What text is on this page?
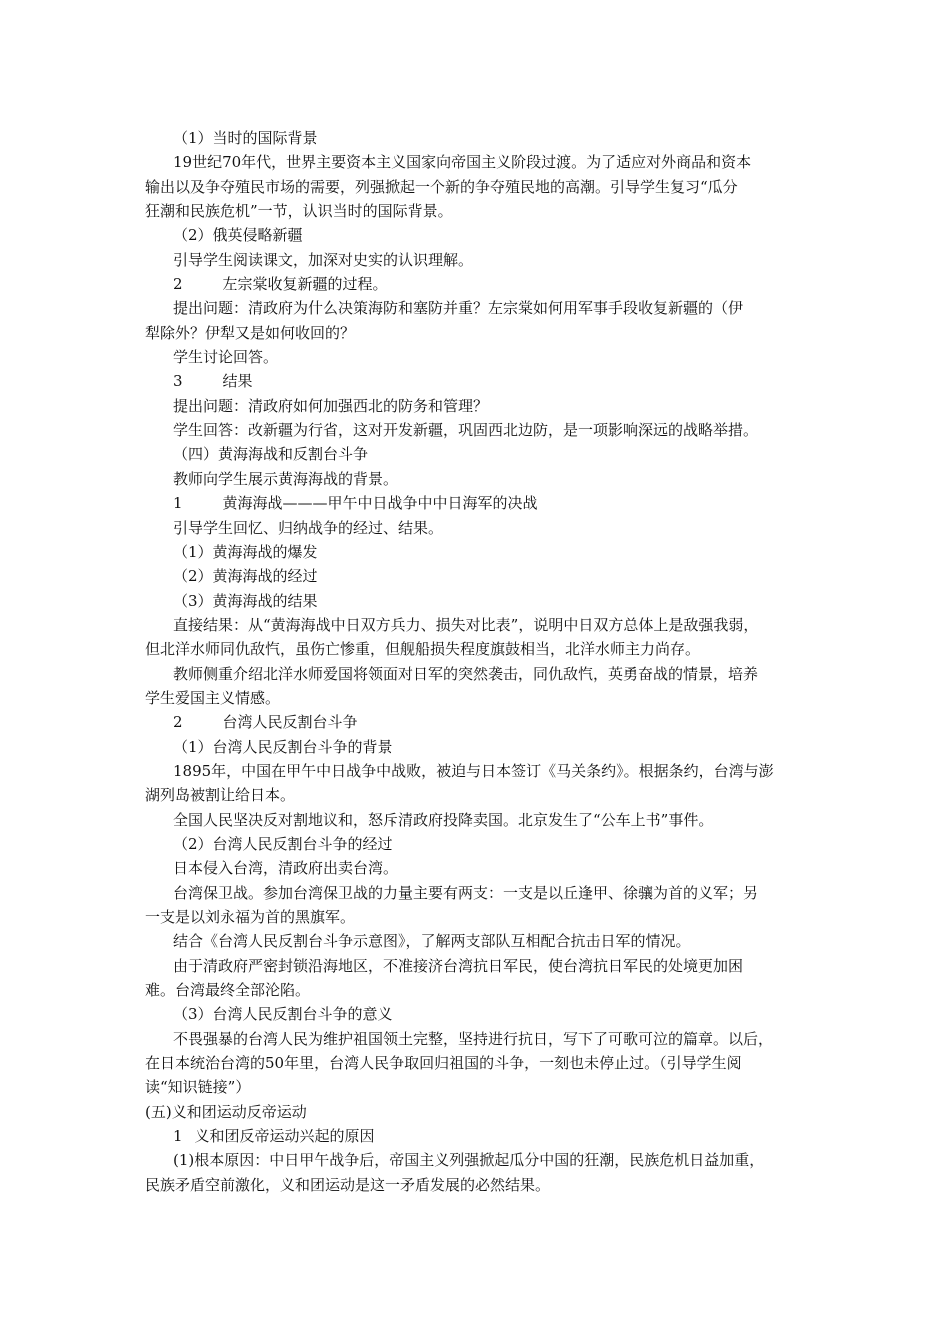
（1）当时的国际背景
19世纪70年代，世界主要资本主义国家向帝国主义阶段过渡。为了适应对外商品和资本
输出以及争夺殖民市场的需要，列强掀起一个新的争夺殖民地的高潮。引导学生复习“瓜分
狂潮和民族危机”一节，认识当时的国际背景。
（2）俄英侵略新疆
引导学生阅读课文，加深对史实的认识理解。
2	左宗棠收复新疆的过程。
提出问题：清政府为什么决策海防和塞防并重？左宗棠如何用军事手段收复新疆的（伊
犁除外？伊犁又是如何收回的？
学生讨论回答。
3	结果
提出问题：清政府如何加强西北的防务和管理？
学生回答：改新疆为行省，这对开发新疆，巩固西北边防，是一项影响深远的战略举措。
（四）黄海海战和反割台斗争
教师向学生展示黄海海战的背景。
1	黄海海战———甲午中日战争中中日海军的决战
引导学生回忆、归纳战争的经过、结果。
（1）黄海海战的爆发
（2）黄海海战的经过
（3）黄海海战的结果
直接结果：从“黄海海战中日双方兵力、损失对比表”，说明中日双方总体上是敌强我弱，
但北洋水师同仇敌忾，虽伤亡惨重，但舰船损失程度旗鼓相当，北洋水师主力尚存。
教师侧重介绍北洋水师爱国将领面对日军的突然袭击，同仇敌忾，英勇奋战的情景，培养
学生爱国主义情感。
2	台湾人民反割台斗争
（1）台湾人民反割台斗争的背景
1895年，中国在甲午中日战争中战败，被迫与日本签订《马关条约》。根据条约，台湾与澎
湖列岛被割让给日本。
全国人民坚决反对割地议和，怒斥清政府投降卖国。北京发生了“公车上书”事件。
（2）台湾人民反割台斗争的经过
日本侵入台湾，清政府出卖台湾。
台湾保卫战。参加台湾保卫战的力量主要有两支：一支是以丘逢甲、徐骧为首的义军；另
一支是以刘永福为首的黑旗军。
结合《台湾人民反割台斗争示意图》，了解两支部队互相配合抗击日军的情况。
由于清政府严密封锁沿海地区，不准接济台湾抗日军民，使台湾抗日军民的处境更加困
难。台湾最终全部沦陷。
（3）台湾人民反割台斗争的意义
不畏强暴的台湾人民为维护祖国领土完整，坚持进行抗日，写下了可歌可泣的篇章。以后，
在日本统治台湾的50年里，台湾人民争取回归祖国的斗争，一刻也未停止过。（引导学生阅
读“知识链接”）
(五)义和团运动反帝运动
1 义和团反帝运动兴起的原因
(1)根本原因：中日甲午战争后，帝国主义列强掀起瓜分中国的狂潮，民族危机日益加重，
民族矛盾空前激化，义和团运动是这一矛盾发展的必然结果。
